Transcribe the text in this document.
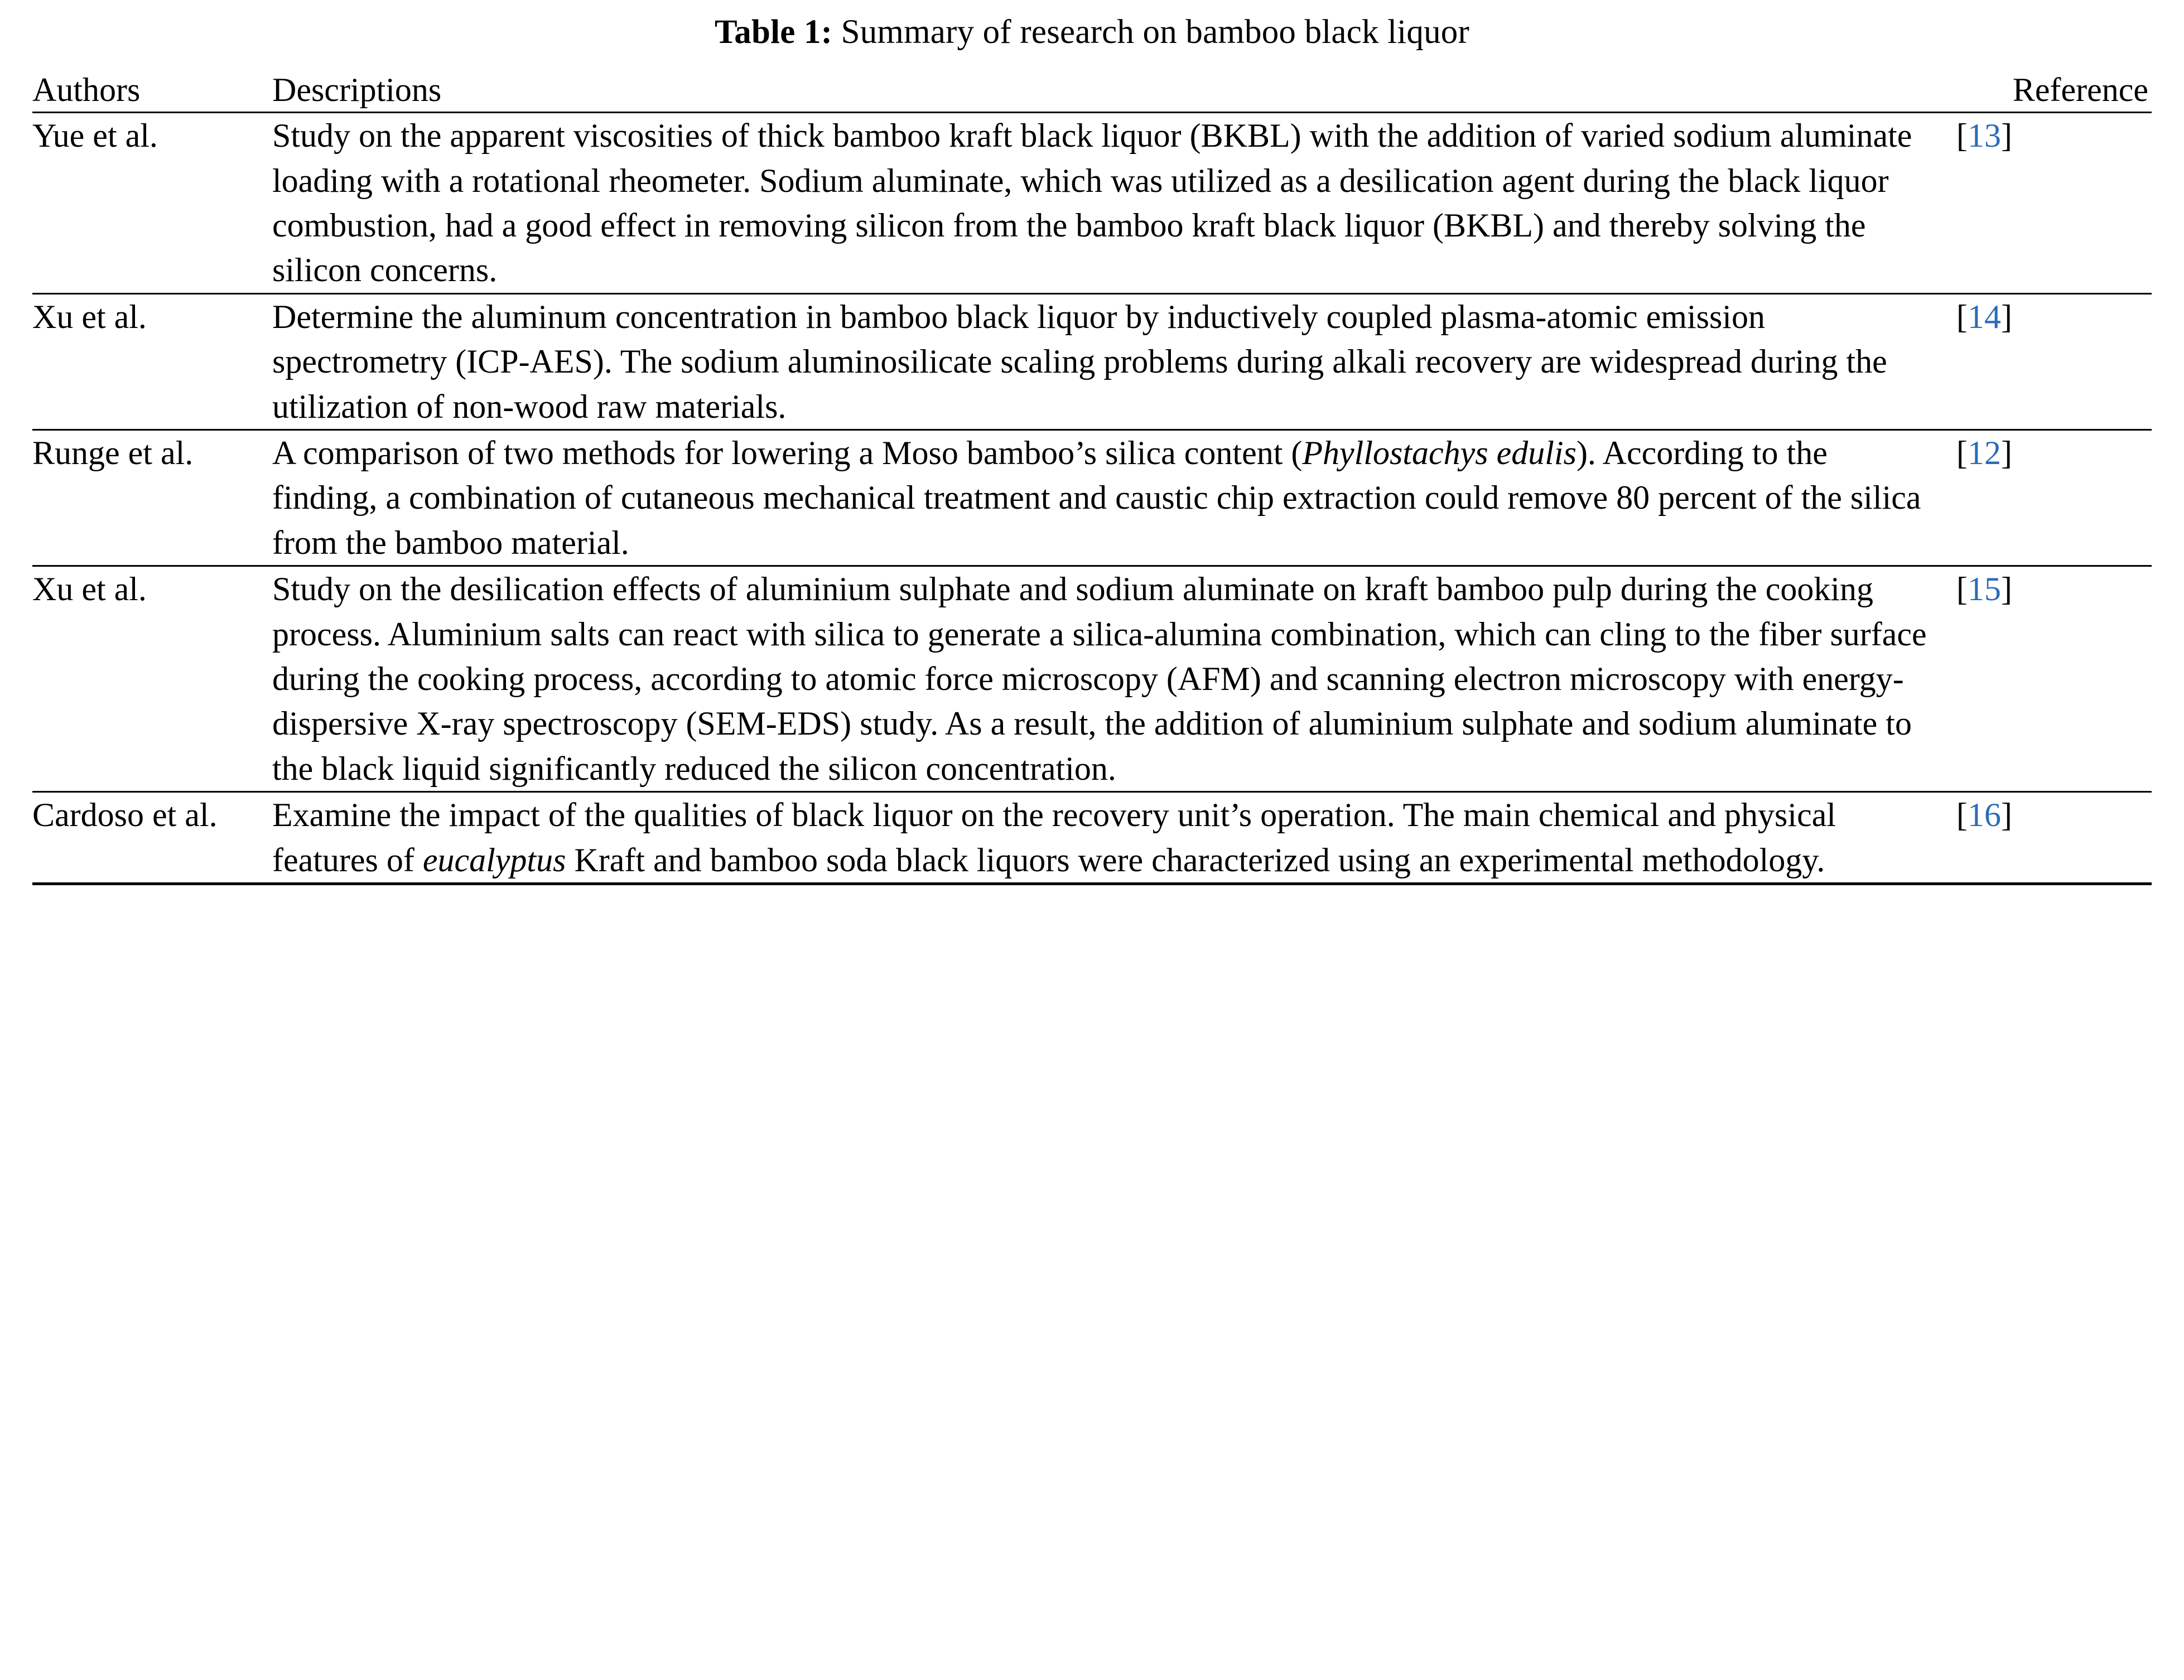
Table 1: Summary of research on bamboo black liquor
Authors	Descriptions	Reference
Yue et al.	Study on the apparent viscosities of thick bamboo kraft black liquor (BKBL) with the addition of varied sodium aluminate loading with a rotational rheometer. Sodium aluminate, which was utilized as a desilication agent during the black liquor combustion, had a good effect in removing silicon from the bamboo kraft black liquor (BKBL) and thereby solving the silicon concerns.	[13]
Xu et al.	Determine the aluminum concentration in bamboo black liquor by inductively coupled plasma-atomic emission spectrometry (ICP-AES). The sodium aluminosilicate scaling problems during alkali recovery are widespread during the utilization of non-wood raw materials.	[14]
Runge et al.	A comparison of two methods for lowering a Moso bamboo’s silica content (Phyllostachys edulis). According to the finding, a combination of cutaneous mechanical treatment and caustic chip extraction could remove 80 percent of the silica from the bamboo material.	[12]
Xu et al.	Study on the desilication effects of aluminium sulphate and sodium aluminate on kraft bamboo pulp during the cooking process. Aluminium salts can react with silica to generate a silica-alumina combination, which can cling to the fiber surface during the cooking process, according to atomic force microscopy (AFM) and scanning electron microscopy with energy-dispersive X-ray spectroscopy (SEM-EDS) study. As a result, the addition of aluminium sulphate and sodium aluminate to the black liquid significantly reduced the silicon concentration.	[15]
Cardoso et al.	Examine the impact of the qualities of black liquor on the recovery unit’s operation. The main chemical and physical features of eucalyptus Kraft and bamboo soda black liquors were characterized using an experimental methodology.	[16]
